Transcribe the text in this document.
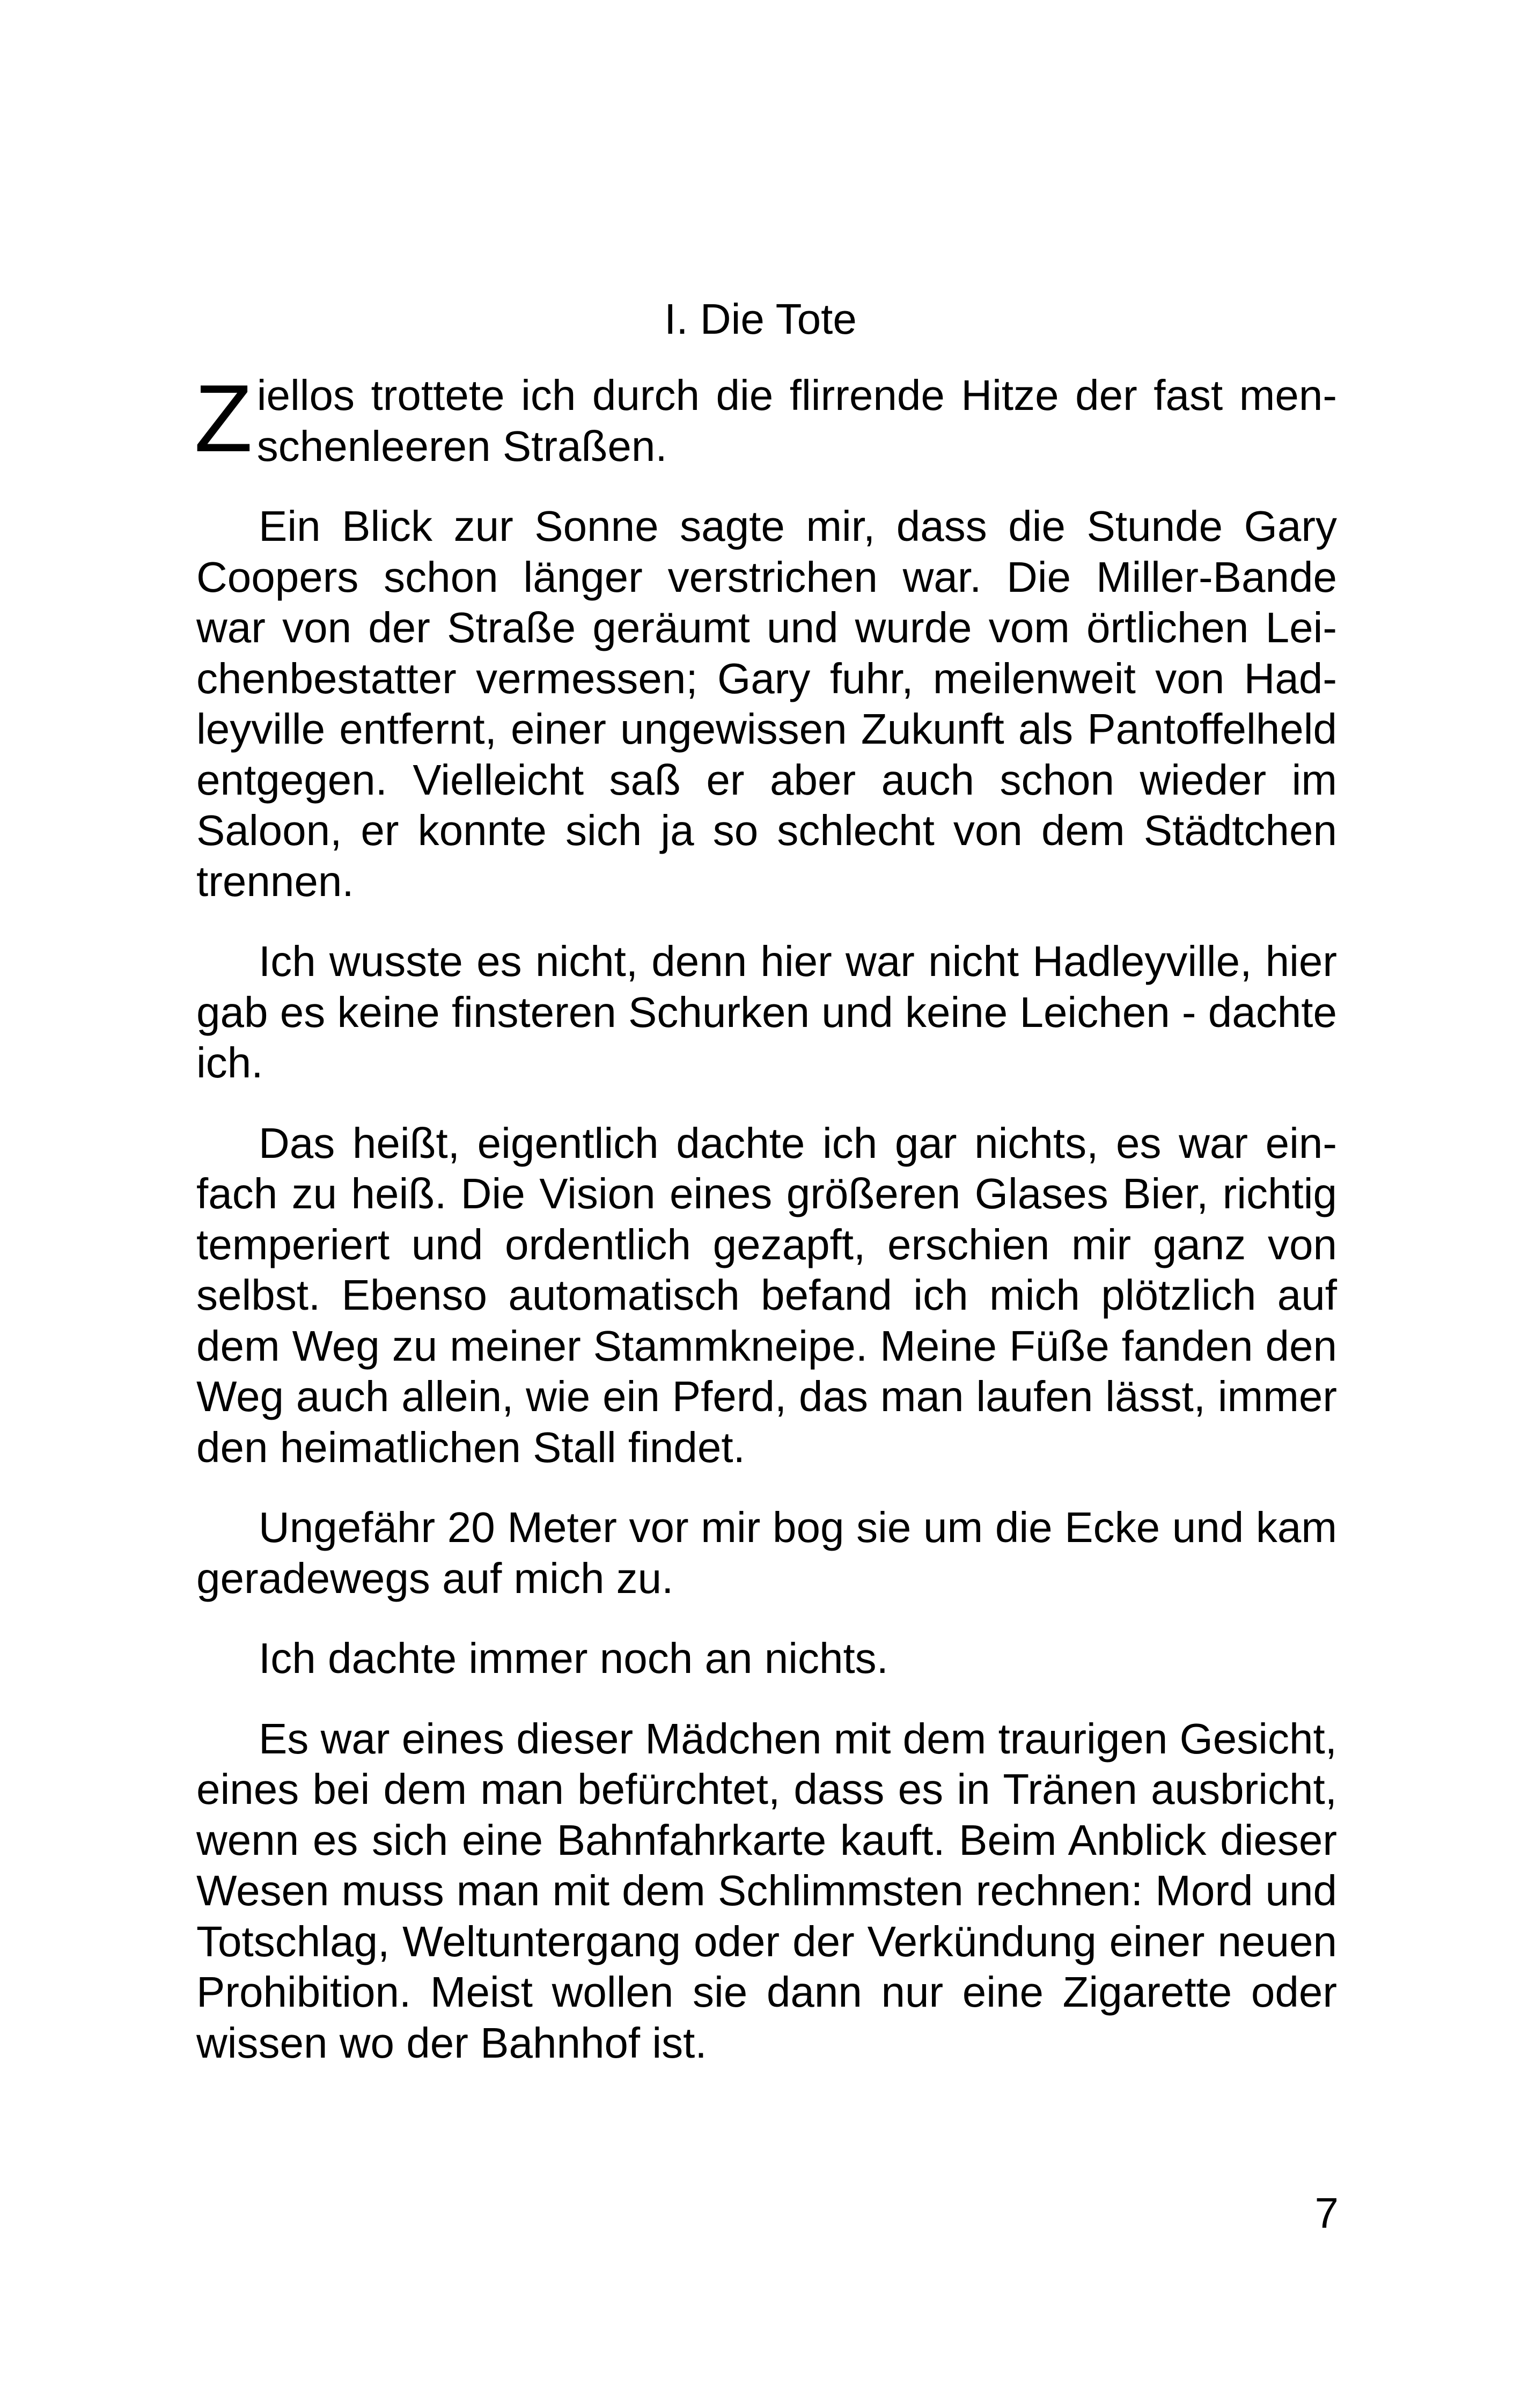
I. Die Tote

Ziellos trottete ich durch die flirrende Hitze der fast menschenleeren Straßen.

Ein Blick zur Sonne sagte mir, dass die Stunde Gary Coopers schon länger verstrichen war. Die Miller-Bande war von der Straße geräumt und wurde vom örtlichen Leichenbestatter vermessen; Gary fuhr, meilenweit von Hadleyville entfernt, einer ungewissen Zukunft als Pantoffelheld entgegen. Vielleicht saß er aber auch schon wieder im Saloon, er konnte sich ja so schlecht von dem Städtchen trennen.

Ich wusste es nicht, denn hier war nicht Hadleyville, hier gab es keine finsteren Schurken und keine Leichen - dachte ich.

Das heißt, eigentlich dachte ich gar nichts, es war einfach zu heiß. Die Vision eines größeren Glases Bier, richtig temperiert und ordentlich gezapft, erschien mir ganz von selbst. Ebenso automatisch befand ich mich plötzlich auf dem Weg zu meiner Stammkneipe. Meine Füße fanden den Weg auch allein, wie ein Pferd, das man laufen lässt, immer den heimatlichen Stall findet.

Ungefähr 20 Meter vor mir bog sie um die Ecke und kam geradewegs auf mich zu.

Ich dachte immer noch an nichts.

Es war eines dieser Mädchen mit dem traurigen Gesicht, eines bei dem man befürchtet, dass es in Tränen ausbricht, wenn es sich eine Bahnfahrkarte kauft. Beim Anblick dieser Wesen muss man mit dem Schlimmsten rechnen: Mord und Totschlag, Weltuntergang oder der Verkündung einer neuen Prohibition. Meist wollen sie dann nur eine Zigarette oder wissen wo der Bahnhof ist.

7
